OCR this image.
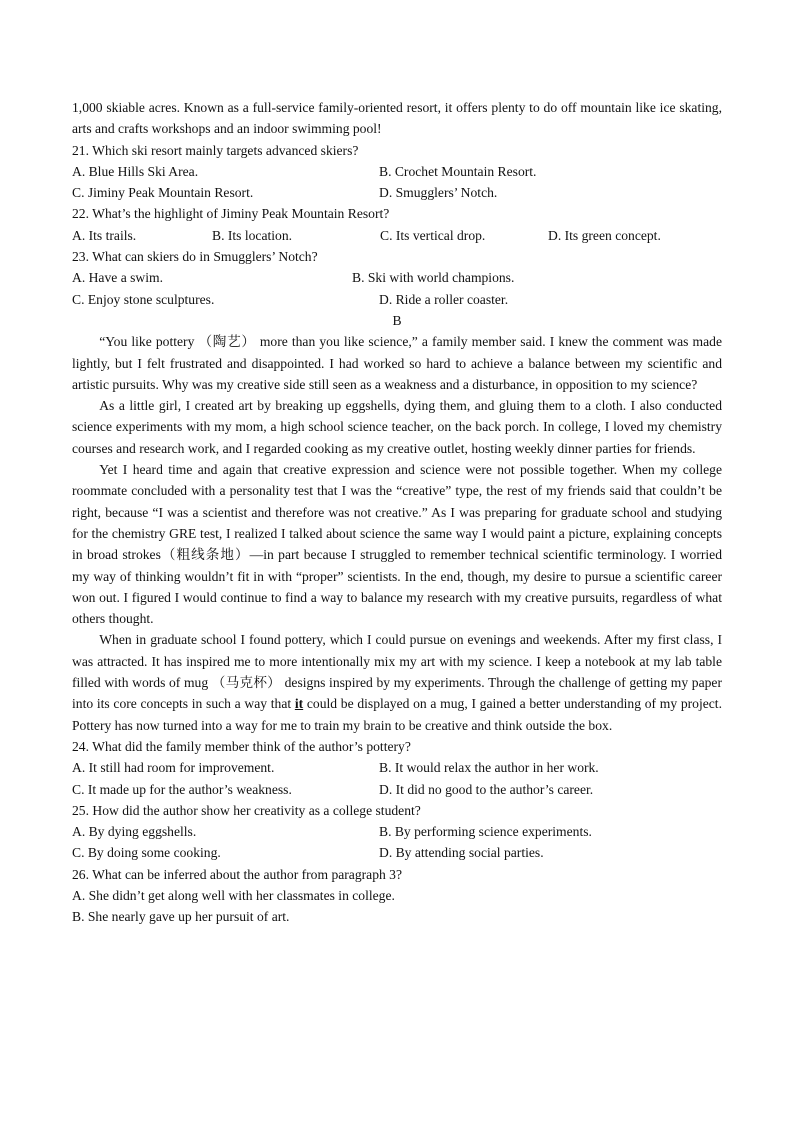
1,000 skiable acres. Known as a full-service family-oriented resort, it offers plenty to do off mountain like ice skating, arts and crafts workshops and an indoor swimming pool!

21. Which ski resort mainly targets advanced skiers?
A. Blue Hills Ski Area.	B. Crochet Mountain Resort.
C. Jiminy Peak Mountain Resort.	D. Smugglers’ Notch.
22. What’s the highlight of Jiminy Peak Mountain Resort?
A. Its trails.	B. Its location.	C. Its vertical drop.	D. Its green concept.
23. What can skiers do in Smugglers’ Notch?
A. Have a swim.	B. Ski with world champions.
C. Enjoy stone sculptures.	D. Ride a roller coaster.
B

“You like pottery （陶艺） more than you like science,” a family member said. I knew the comment was made lightly, but I felt frustrated and disappointed. I had worked so hard to achieve a balance between my scientific and artistic pursuits. Why was my creative side still seen as a weakness and a disturbance, in opposition to my science?

As a little girl, I created art by breaking up eggshells, dying them, and gluing them to a cloth. I also conducted science experiments with my mom, a high school science teacher, on the back porch. In college, I loved my chemistry courses and research work, and I regarded cooking as my creative outlet, hosting weekly dinner parties for friends.

Yet I heard time and again that creative expression and science were not possible together. When my college roommate concluded with a personality test that I was the “creative” type, the rest of my friends said that couldn’t be right, because “I was a scientist and therefore was not creative.” As I was preparing for graduate school and studying for the chemistry GRE test, I realized I talked about science the same way I would paint a picture, explaining concepts in broad strokes（粗线条地）—in part because I struggled to remember technical scientific terminology. I worried my way of thinking wouldn’t fit in with “proper” scientists. In the end, though, my desire to pursue a scientific career won out. I figured I would continue to find a way to balance my research with my creative pursuits, regardless of what others thought.

When in graduate school I found pottery, which I could pursue on evenings and weekends. After my first class, I was attracted. It has inspired me to more intentionally mix my art with my science. I keep a notebook at my lab table filled with words of mug （马克杯） designs inspired by my experiments. Through the challenge of getting my paper into its core concepts in such a way that it could be displayed on a mug, I gained a better understanding of my project. Pottery has now turned into a way for me to train my brain to be creative and think outside the box.

24. What did the family member think of the author’s pottery?
A. It still had room for improvement.	B. It would relax the author in her work.
C. It made up for the author’s weakness.	D. It did no good to the author’s career.
25. How did the author show her creativity as a college student?
A. By dying eggshells.	B. By performing science experiments.
C. By doing some cooking.	D. By attending social parties.
26. What can be inferred about the author from paragraph 3?
A. She didn’t get along well with her classmates in college.
B. She nearly gave up her pursuit of art.
